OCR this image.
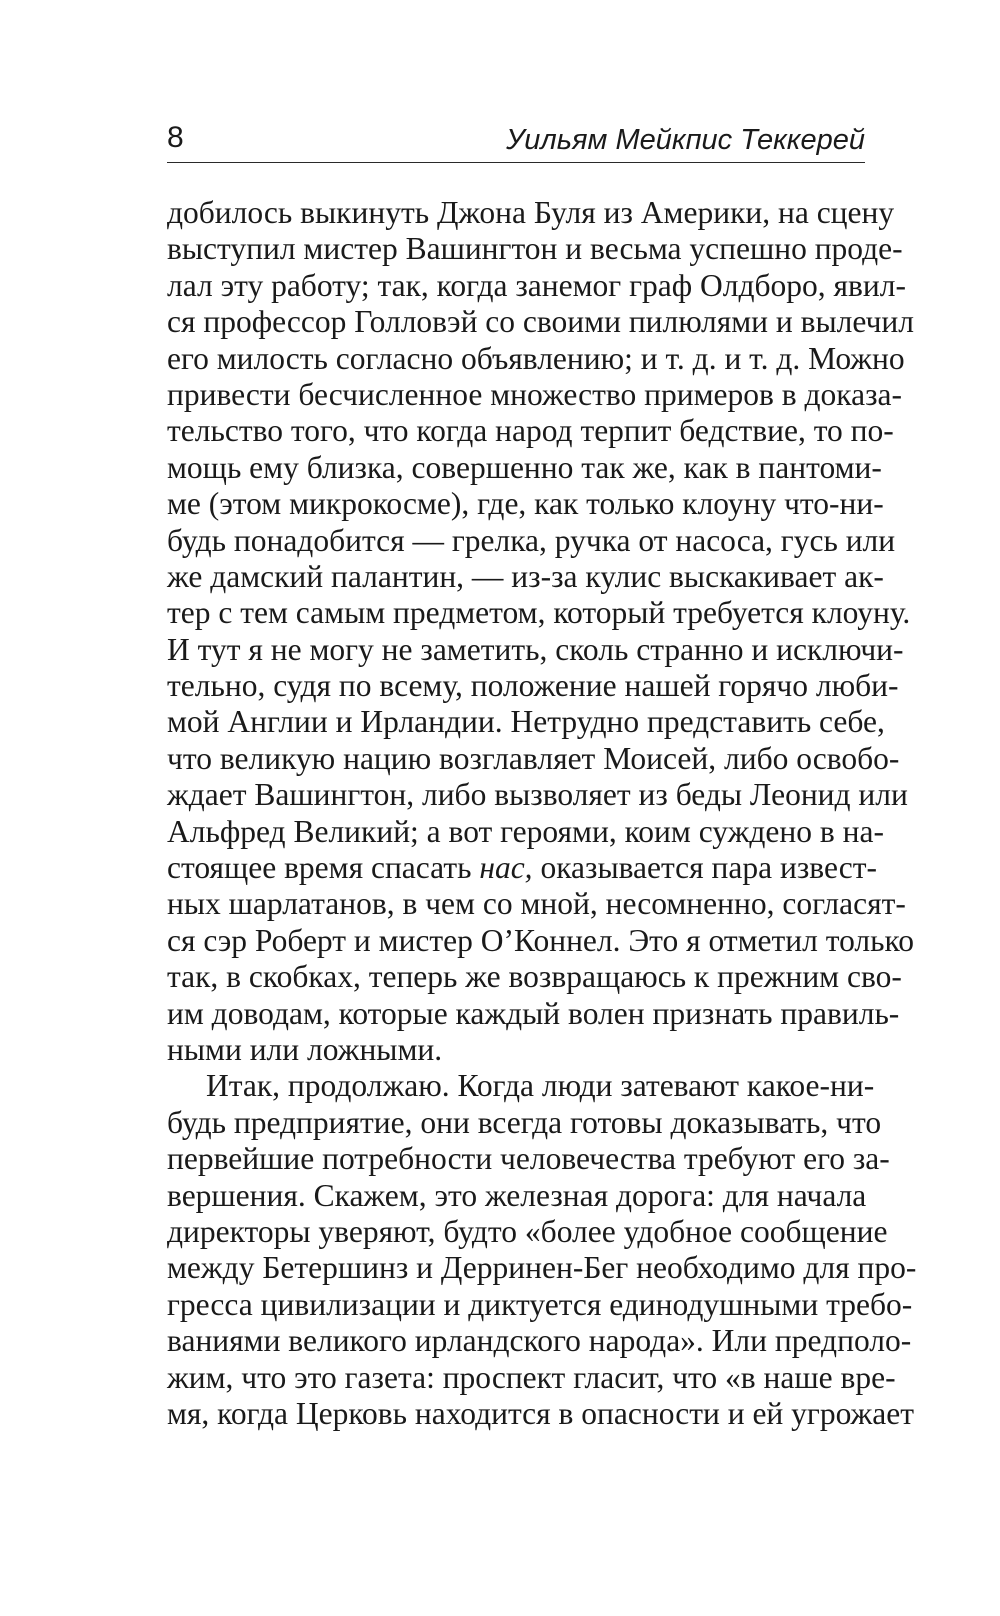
8	Уильям Мейкпис Теккерей
добилось выкинуть Джона Буля из Америки, на сцену
выступил мистер Вашингтон и весьма успешно проде-
лал эту работу; так, когда занемог граф Олдборо, явил-
ся профессор Голловэй со своими пилюлями и вылечил
его милость согласно объявлению; и т. д. и т. д. Можно
привести бесчисленное множество примеров в доказа-
тельство того, что когда народ терпит бедствие, то по-
мощь ему близка, совершенно так же, как в пантоми-
ме (этом микрокосме), где, как только клоуну что-ни-
будь понадобится — грелка, ручка от насоса, гусь или
же дамский палантин, — из-за кулис выскакивает ак-
тер с тем самым предметом, который требуется клоуну.
И тут я не могу не заметить, сколь странно и исключи-
тельно, судя по всему, положение нашей горячо люби-
мой Англии и Ирландии. Нетрудно представить себе,
что великую нацию возглавляет Моисей, либо освобо-
ждает Вашингтон, либо вызволяет из беды Леонид или
Альфред Великий; а вот героями, коим суждено в на-
стоящее время спасать нас, оказывается пара извест-
ных шарлатанов, в чем со мной, несомненно, согласят-
ся сэр Роберт и мистер О’Коннел. Это я отметил только
так, в скобках, теперь же возвращаюсь к прежним сво-
им доводам, которые каждый волен признать правиль-
ными или ложными.
Итак, продолжаю. Когда люди затевают какое-ни-
будь предприятие, они всегда готовы доказывать, что
первейшие потребности человечества требуют его за-
вершения. Скажем, это железная дорога: для начала
директоры уверяют, будто «более удобное сообщение
между Бетершинз и Дерринен-Бег необходимо для про-
гресса цивилизации и диктуется единодушными требо-
ваниями великого ирландского народа». Или предполо-
жим, что это газета: проспект гласит, что «в наше вре-
мя, когда Церковь находится в опасности и ей угрожает
